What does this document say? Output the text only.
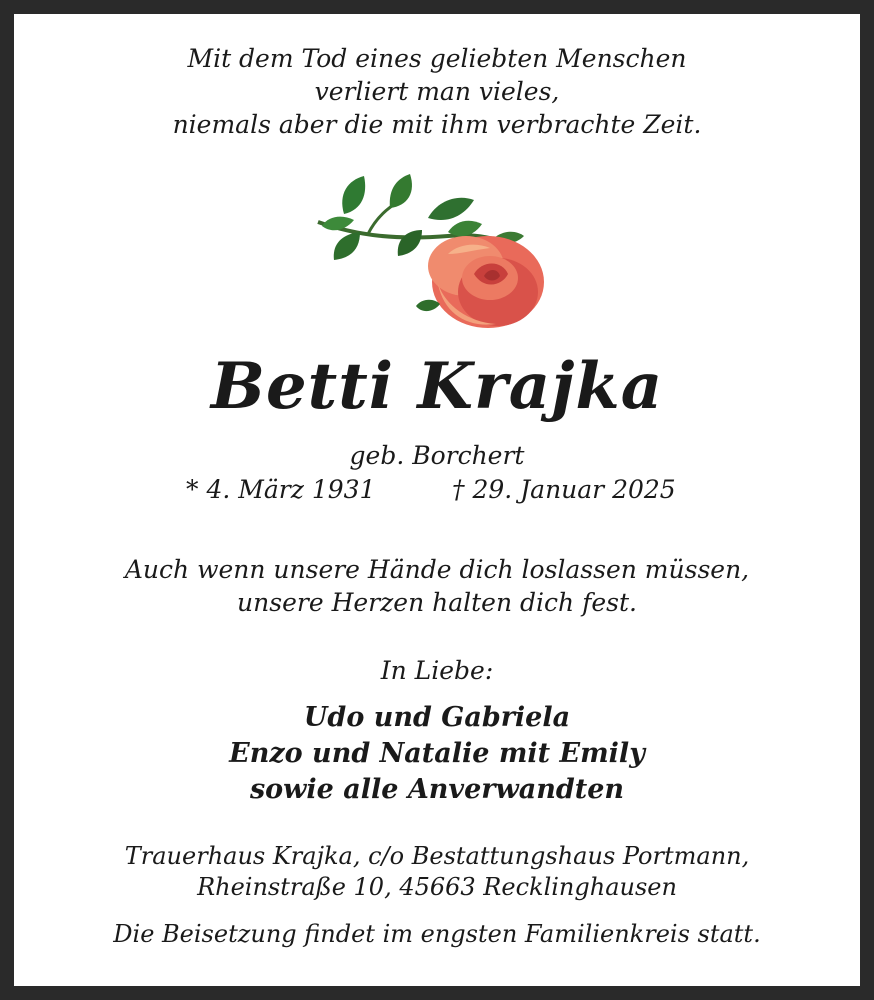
Mit dem Tod eines geliebten Menschen
verliert man vieles,
niemals aber die mit ihm verbrachte Zeit.
Betti Krajka
geb. Borchert
* 4. März 1931	† 29. Januar 2025
Auch wenn unsere Hände dich loslassen müssen,
unsere Herzen halten dich fest.
In Liebe:
Udo und Gabriela
Enzo und Natalie mit Emily
sowie alle Anverwandten
Trauerhaus Krajka, c/o Bestattungshaus Portmann,
Rheinstraße 10, 45663 Recklinghausen
Die Beisetzung findet im engsten Familienkreis statt.
